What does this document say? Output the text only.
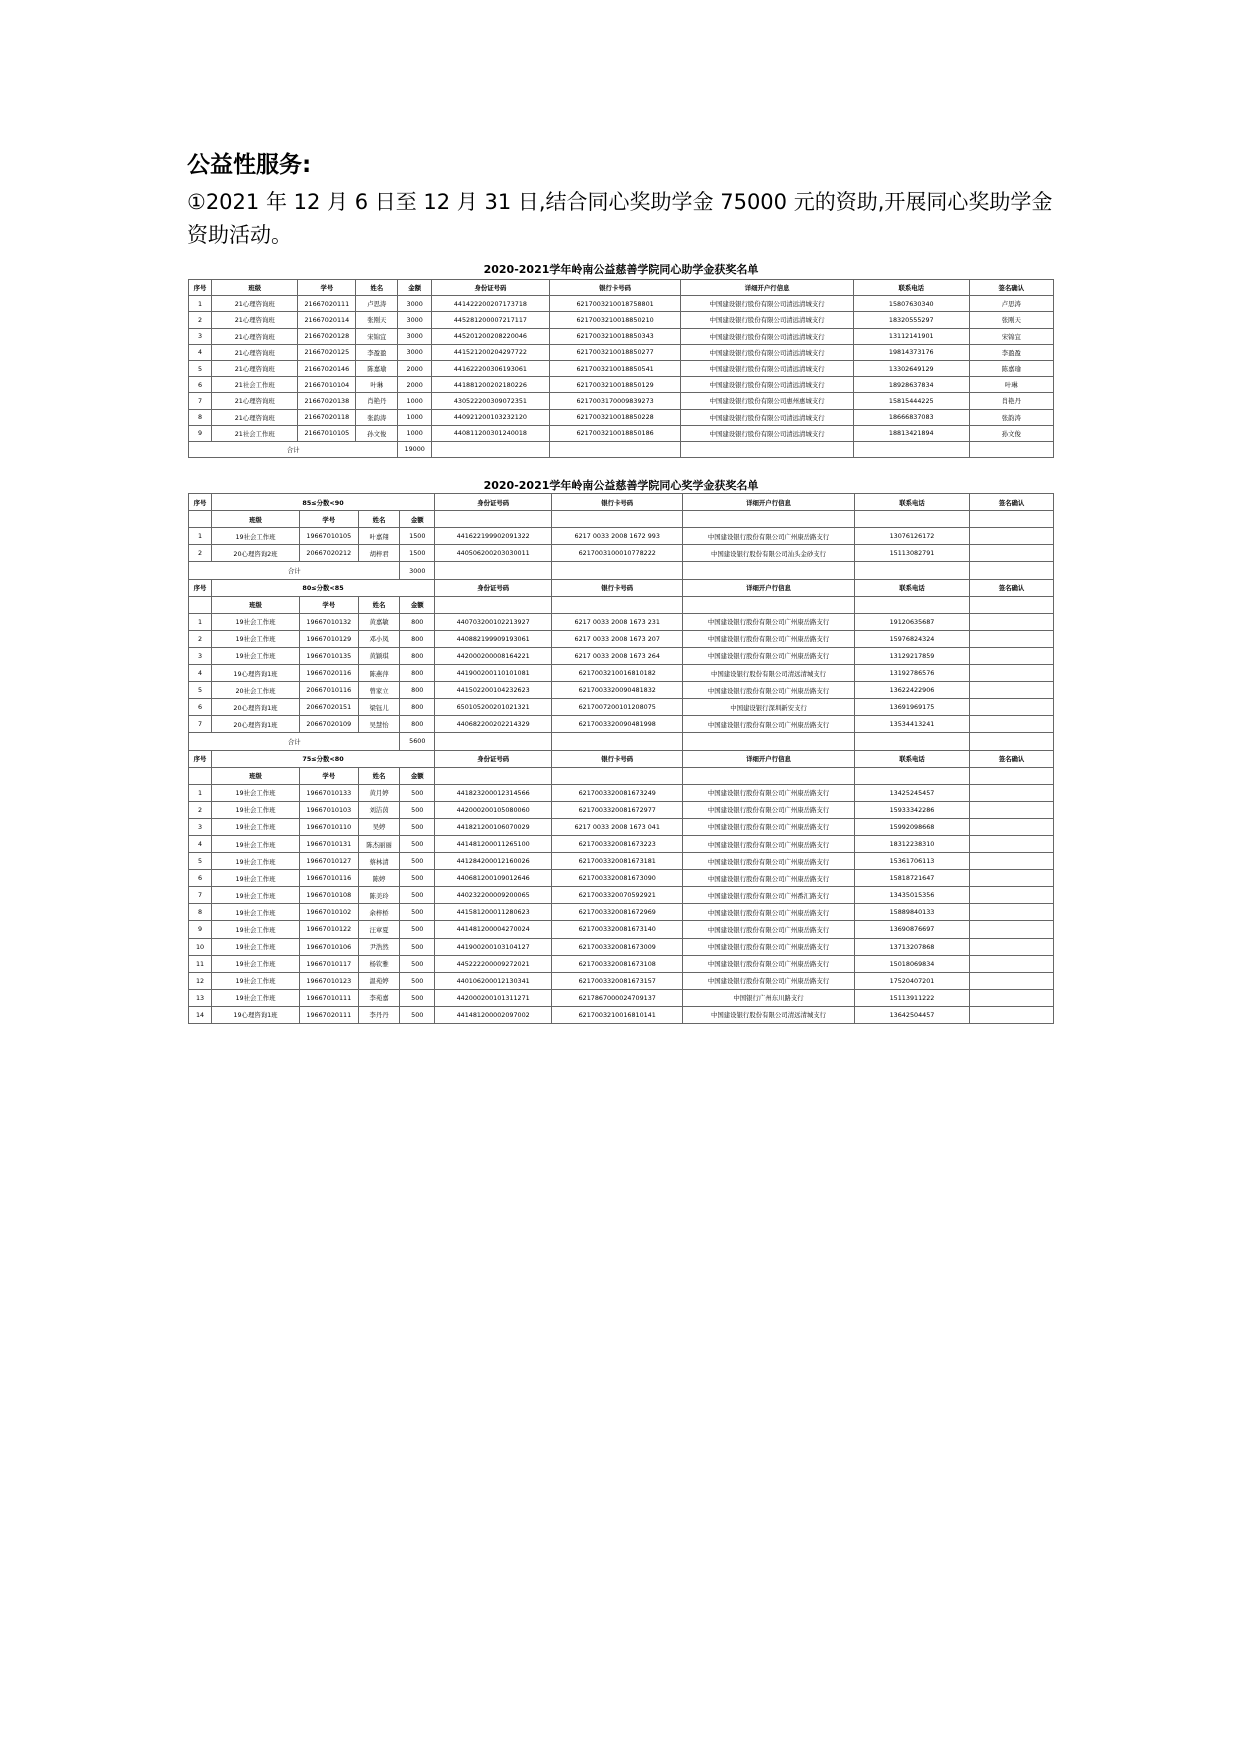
公益性服务:

①2021 年 12 月 6 日至 12 月 31 日,结合同心奖助学金 75000 元的资助,开展同心奖助学金资助活动。

2020-2021学年岭南公益慈善学院同心助学金获奖名单									
序号	班级	学号	姓名	金额	身份证号码	银行卡号码	详细开户行信息	联系电话	签名确认
1	21心理咨询班	21667020111	卢思涛	3000	441422200207173718	6217003210018758801	中国建设银行股份有限公司清远清城支行	15807630340	卢思涛
2	21心理咨询班	21667020114	张刚天	3000	445281200007217117	6217003210018850210	中国建设银行股份有限公司清远清城支行	18320555297	张刚天
3	21心理咨询班	21667020128	宋锦宜	3000	445201200208220046	6217003210018850343	中国建设银行股份有限公司清远清城支行	13112141901	宋锦宜
4	21心理咨询班	21667020125	李盈盈	3000	441521200204297722	6217003210018850277	中国建设银行股份有限公司清远清城支行	19814373176	李盈盈
5	21心理咨询班	21667020146	陈嘉瑜	2000	441622200306193061	6217003210018850541	中国建设银行股份有限公司清远清城支行	13302649129	陈嘉瑜
6	21社会工作班	21667010104	叶琳	2000	441881200202180226	6217003210018850129	中国建设银行股份有限公司清远清城支行	18928637834	叶琳
7	21心理咨询班	21667020138	肖艳丹	1000	430522200309072351	6217003170009839273	中国建设银行股份有限公司惠州惠城支行	15815444225	肖艳丹
8	21心理咨询班	21667020118	张韵涛	1000	440921200103232120	6217003210018850228	中国建设银行股份有限公司清远清城支行	18666837083	张韵涛
9	21社会工作班	21667010105	孙文俊	1000	440811200301240018	6217003210018850186	中国建设银行股份有限公司清远清城支行	18813421894	孙文俊
合计				19000					
2020-2021学年岭南公益慈善学院同心奖学金获奖名单									
序号	85≤分数<90				身份证号码	银行卡号码	详细开户行信息	联系电话	签名确认
	班级	学号	姓名	金额					
1	19社会工作班	19667010105	叶嘉翔	1500	441622199902091322	6217 0033 2008 1672 993	中国建设银行股份有限公司广州康岳路支行	13076126172	
2	20心理咨询2班	20667020212	胡梓君	1500	440506200203030011	6217003100010778222	中国建设银行股份有限公司汕头金砂支行	15113082791	
合计				3000					
序号	80≤分数<85				身份证号码	银行卡号码	详细开户行信息	联系电话	签名确认
	班级	学号	姓名	金额					
1	19社会工作班	19667010132	黄嘉敏	800	440703200102213927	6217 0033 2008 1673 231	中国建设银行股份有限公司广州康岳路支行	19120635687	
2	19社会工作班	19667010129	邓小凤	800	440882199909193061	6217 0033 2008 1673 207	中国建设银行股份有限公司广州康岳路支行	15976824324	
3	19社会工作班	19667010135	黄颖琪	800	442000200008164221	6217 0033 2008 1673 264	中国建设银行股份有限公司广州康岳路支行	13129217859	
4	19心理咨询1班	19667020116	陈燕萍	800	441900200110101081	6217003210016810182	中国建设银行股份有限公司清远清城支行	13192786576	
5	20社会工作班	20667010116	曾家立	800	441502200104232623	6217003320090481832	中国建设银行股份有限公司广州康岳路支行	13622422906	
6	20心理咨询1班	20667020151	梁钰儿	800	650105200201021321	6217007200101208075	中国建设银行深圳新安支行	13691969175	
7	20心理咨询1班	20667020109	吴慧怡	800	440682200202214329	6217003320090481998	中国建设银行股份有限公司广州康岳路支行	13534413241	
合计				5600					
序号	75≤分数<80				身份证号码	银行卡号码	详细开户行信息	联系电话	签名确认
	班级	学号	姓名	金额					
1	19社会工作班	19667010133	黄月婷	500	441823200012314566	6217003320081673249	中国建设银行股份有限公司广州康岳路支行	13425245457	
2	19社会工作班	19667010103	刘洁茵	500	442000200105080060	6217003320081672977	中国建设银行股份有限公司广州康岳路支行	15933342286	
3	19社会工作班	19667010110	吴婷	500	441821200106070029	6217 0033 2008 1673 041	中国建设银行股份有限公司广州康岳路支行	15992098668	
4	19社会工作班	19667010131	陈杰丽丽	500	441481200011265100	6217003320081673223	中国建设银行股份有限公司广州康岳路支行	18312238310	
5	19社会工作班	19667010127	蔡林清	500	441284200012160026	6217003320081673181	中国建设银行股份有限公司广州康岳路支行	15361706113	
6	19社会工作班	19667010116	陈婷	500	440681200109012646	6217003320081673090	中国建设银行股份有限公司广州康岳路支行	15818721647	
7	19社会工作班	19667010108	陈美玲	500	440232200009200065	6217003320070592921	中国建设银行股份有限公司广州番汇路支行	13435015356	
8	19社会工作班	19667010102	余梓桥	500	441581200011280623	6217003320081672969	中国建设银行股份有限公司广州康岳路支行	15889840133	
9	19社会工作班	19667010122	汪章夏	500	441481200004270024	6217003320081673140	中国建设银行股份有限公司广州康岳路支行	13690876697	
10	19社会工作班	19667010106	尹浩然	500	441900200103104127	6217003320081673009	中国建设银行股份有限公司广州康岳路支行	13713207868	
11	19社会工作班	19667010117	杨钦雅	500	445222200009272021	6217003320081673108	中国建设银行股份有限公司广州康岳路支行	15018069834	
12	19社会工作班	19667010123	温苑婷	500	440106200012130341	6217003320081673157	中国建设银行股份有限公司广州康岳路支行	17520407201	
13	19社会工作班	19667010111	李苑嘉	500	442000200101311271	6217867000024709137	中国银行广州东川路支行	15113911222	
14	19心理咨询1班	19667020111	李丹丹	500	441481200002097002	6217003210016810141	中国建设银行股份有限公司清远清城支行	13642504457	
